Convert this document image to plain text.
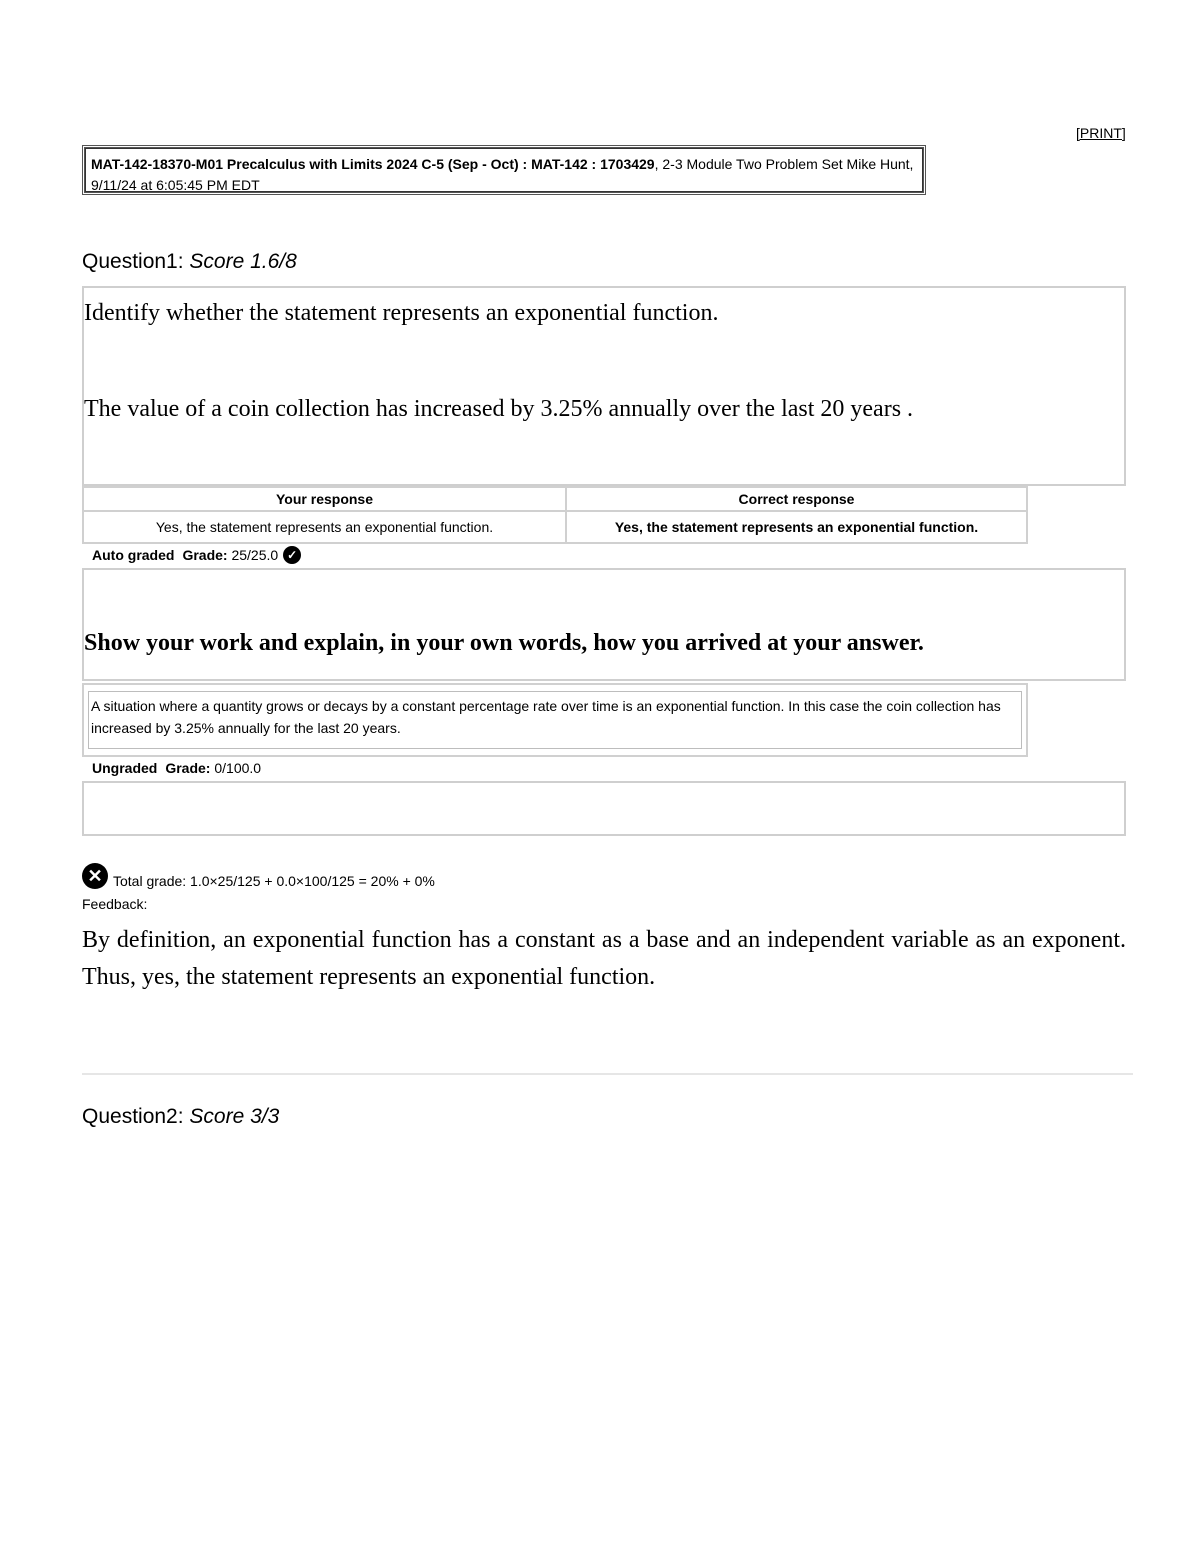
[PRINT]
MAT-142-18370-M01 Precalculus with Limits 2024 C-5 (Sep - Oct) : MAT-142 : 1703429, 2-3 Module Two Problem Set Mike Hunt, 9/11/24 at 6:05:45 PM EDT
Question1: Score 1.6/8
Identify whether the statement represents an exponential function.
The value of a coin collection has increased by 3.25% annually over the last 20 years .
Your response	Correct response
Yes, the statement represents an exponential function.	Yes, the statement represents an exponential function.
Auto graded Grade:
25/25.0 ✓
Show your work and explain, in your own words, how you arrived at your answer.
A situation where a quantity grows or decays by a constant percentage rate over time is an exponential function. In this case the coin collection has increased by 3.25% annually for the last 20 years.
Ungraded Grade:
0/100.0
✕ Total grade: 1.0×25/125 + 0.0×100/125 = 20% + 0%
Feedback:
By definition, an exponential function has a constant as a base and an independent variable as an exponent. Thus, yes, the statement represents an exponential function.
Question2: Score 3/3
